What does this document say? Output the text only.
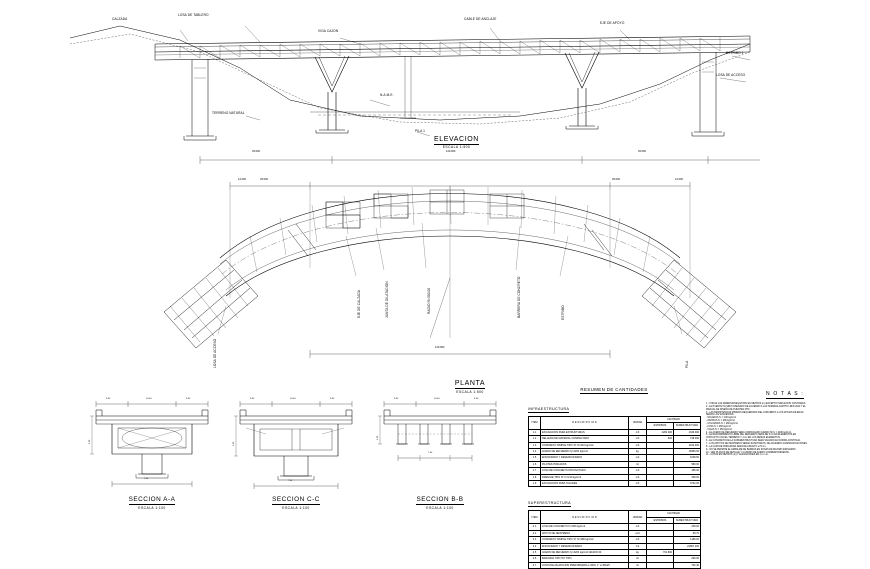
CALZADA
LOSA DE TABLERO
VIGA CAJON
CABLE DE ANCLAJE
EJE DE APOYO
ESTRIBO 1
LOSA DE ACCESO
N.A.M.E.
TERRENO NATURAL
PILA 1
45.000	120.000	45.000
ELEVACION
ESCALA 1:500
12.000	45.000	45.000	12.000
120.000
EJE DE CALZADA	JUNTA DE DILATACION	RADIO R=300.00	BARRERA DE CONCRETO	ESTRIBO
LOSA DE ACCESO	PILA
PLANTA
ESCALA 1:500
3.50	10.00	3.50
1.20
7.00
SECCION A-A
ESCALA 1:100
3.50	10.00	3.50
1.20
7.00
SECCION C-C
ESCALA 1:100
3.50	10.00	3.50
1.20
7.00
SECCION B-B
ESCALA 1:100
RESUMEN DE CANTIDADES
INFRAESTRUCTURA
ITEM	D E S C R I P C I O N	UNIDAD	CANTIDAD	
			ESTRIBOS	SUBESTRUCTURA
1.1	EXCAVACION PARA ESTRUCTURAS	m3	1282.000	1346.000
1.2	RELLENO DE MATERIAL COMPACTADO	m3	620	748.000
1.3	CONCRETO SIMPLE TIPO 'D' f'c=210 kg/cm2	m3		1162.400
1.4	ACERO DE REFUERZO fy=4200 kg/cm2	kg.		18483.00
1.5	ENCOFRADO Y DESENCOFRADO	m2		1048.60
1.6	PILOTES HINCADOS	ml		580.00
1.7	LOSA DE CONCRETO PROYECTADO	m3		186.00
1.8	DRENAJE TIPO 'D' f'c=210 kg/cm2	m3		328.00
1.9	EXCAVACION PARA TALUDES	m3		3732.00
SUPERESTRUCTURA
ITEM	D E S C R I P C I O N	UNIDAD	CANTIDAD	
			ESTRIBOS	SUBESTRUCTURA
2.1	LOSA DE CONCRETO f'c=280 kg/cm2	m3		238.00
2.2	APOYO DE NEOPRENO	und		68.70
2.3	CONCRETO SIMPLE TIPO 'D' f'c=280 kg/cm2	m3		1186.00
2.4	ENCOFRADO Y DESENCOFRADO	m2		24867.200
2.5	ACERO DE REFUERZO fy=4200 kg/cm2 GRADO 60	kg	701.800	
2.6	BARANDA TIPO 'P2' TIPO	ml		296.00
2.7	JUNTA DE DILATACION PREFORMADA L=MIN. 1'' e=38x25	ml		762.40
N O T A S :
1.- TODAS LAS DIMENSIONES ESTAN EN METROS (m) EXCEPTO INDICACION CONTRARIA.
2.- EL PUENTE HA SIDO DISEÑADO DE ACUERDO A LAS NORMAS AASHTO LRFD 2012 Y EL
MANUAL DE DISEÑO DE PUENTES MTC.
3.- LAS RESISTENCIAS MINIMAS REQUERIDAS DEL CONCRETO A LOS 28 DIAS DE EDAD
SERAN LAS SIGUIENTES:
- SOLADOS f'c = 100 kg/cm2
- ZAPATAS f'c = 280 kg/cm2
- COLUMNAS f'c = 280 kg/cm2
- LOSA f'c = 280 kg/cm2
- VIGAS f'c = 350 kg/cm2
4.- EL ACERO DE REFUERZO SERA CORRUGADO GRADO 60 fy = 4200 kg/cm2.
5.- EL RECUBRIMIENTO LIBRE DEL REFUERZO SERA DE 5 cm EN ELEMENTOS EN
CONTACTO CON EL TERRENO Y 4 cm EN LOS DEMAS ELEMENTOS.
6.- EL CONCRETO DE LA SUPERESTRUCTURA SERA VACIADO EN FORMA CONTINUA.
7.- LOS APOYOS DE NEOPRENO SERAN ZUNCHADOS, DE ACUERDO A ESPECIFICACIONES.
8.- LA CAPA DE RODADURA SERA DE ASFALTO e=5 cm.
9.- NO SE PERMITE EL EMPALME DE BARRAS EN ZONAS DE MAXIMO ESFUERZO.
10.- VER PLANOS DE DETALLE Y CUADRO DE ACERO CORRESPONDIENTE.
11.- COTAS EN METROS (m) Y ELEVACIONES EN m.s.n.m.
